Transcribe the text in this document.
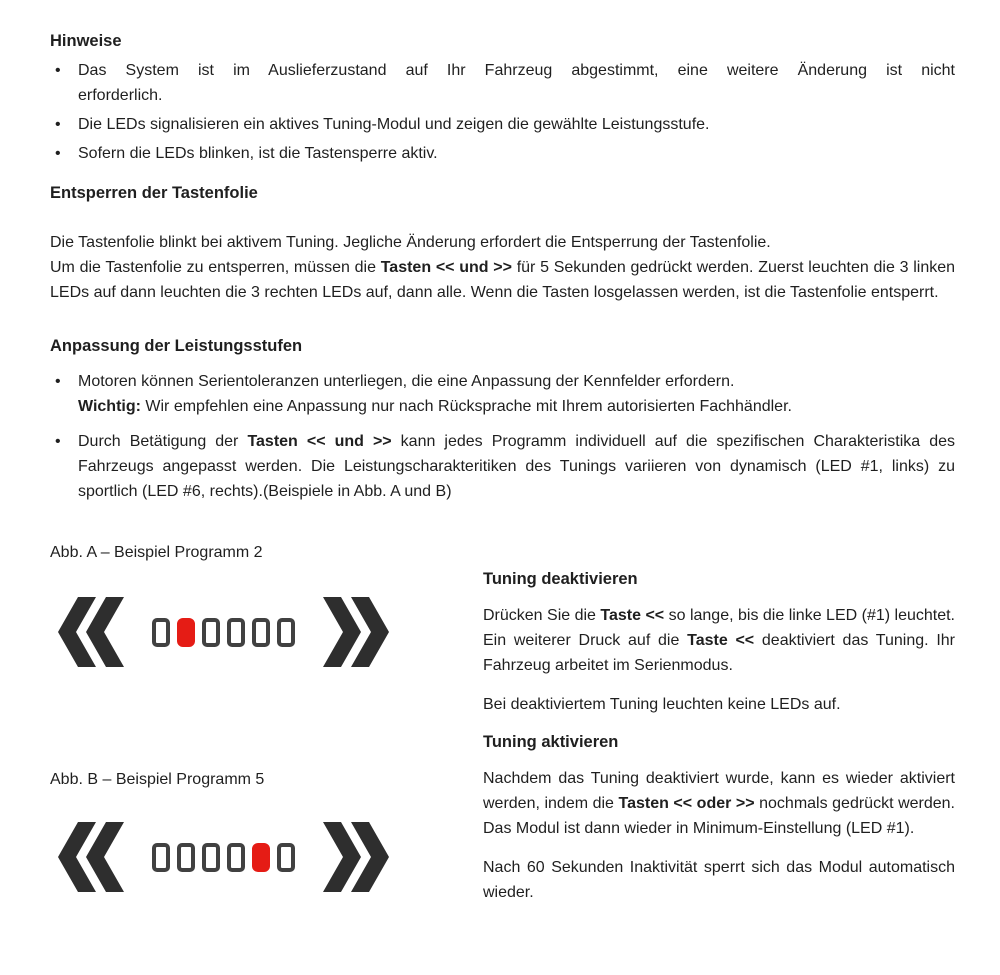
Hinweise
•	Das System ist im Auslieferzustand auf Ihr Fahrzeug abgestimmt, eine weitere Änderung ist nicht
erforderlich.
•	Die LEDs signalisieren ein aktives Tuning-Modul und zeigen die gewählte Leistungsstufe.
•	Sofern die LEDs blinken, ist die Tastensperre aktiv.
Entsperren der Tastenfolie

Die Tastenfolie blinkt bei aktivem Tuning. Jegliche Änderung erfordert die Entsperrung der Tastenfolie.

Um die Tastenfolie zu entsperren, müssen die Tasten << und >> für 5 Sekunden gedrückt werden. Zuerst leuchten die 3 linken LEDs auf dann leuchten die 3 rechten LEDs auf, dann alle. Wenn die Tasten losgelassen werden, ist die Tastenfolie entsperrt.

Anpassung der Leistungsstufen
•	Motoren können Serientoleranzen unterliegen, die eine Anpassung der Kennfelder erfordern.
Wichtig: Wir empfehlen eine Anpassung nur nach Rücksprache mit Ihrem autorisierten Fachhändler.
•	Durch Betätigung der Tasten << und >> kann jedes Programm individuell auf die spezifischen Charakteristika des Fahrzeugs angepasst werden. Die Leistungscharakteritiken des Tunings variieren von dynamisch (LED #1, links) zu sportlich (LED #6, rechts).(Beispiele in Abb. A und B)
Abb. A – Beispiel Programm 2
Abb. B – Beispiel Programm 5
Tuning deaktivieren

Drücken Sie die Taste << so lange, bis die linke LED (#1) leuchtet. Ein weiterer Druck auf die Taste << deaktiviert das Tuning. Ihr Fahrzeug arbeitet im Serienmodus.

Bei deaktiviertem Tuning leuchten keine LEDs auf.

Tuning aktivieren

Nachdem das Tuning deaktiviert wurde, kann es wieder aktiviert werden, indem die Tasten << oder >> nochmals gedrückt werden. Das Modul ist dann wieder in Minimum-Einstellung (LED #1).

Nach 60 Sekunden Inaktivität sperrt sich das Modul automatisch wieder.
